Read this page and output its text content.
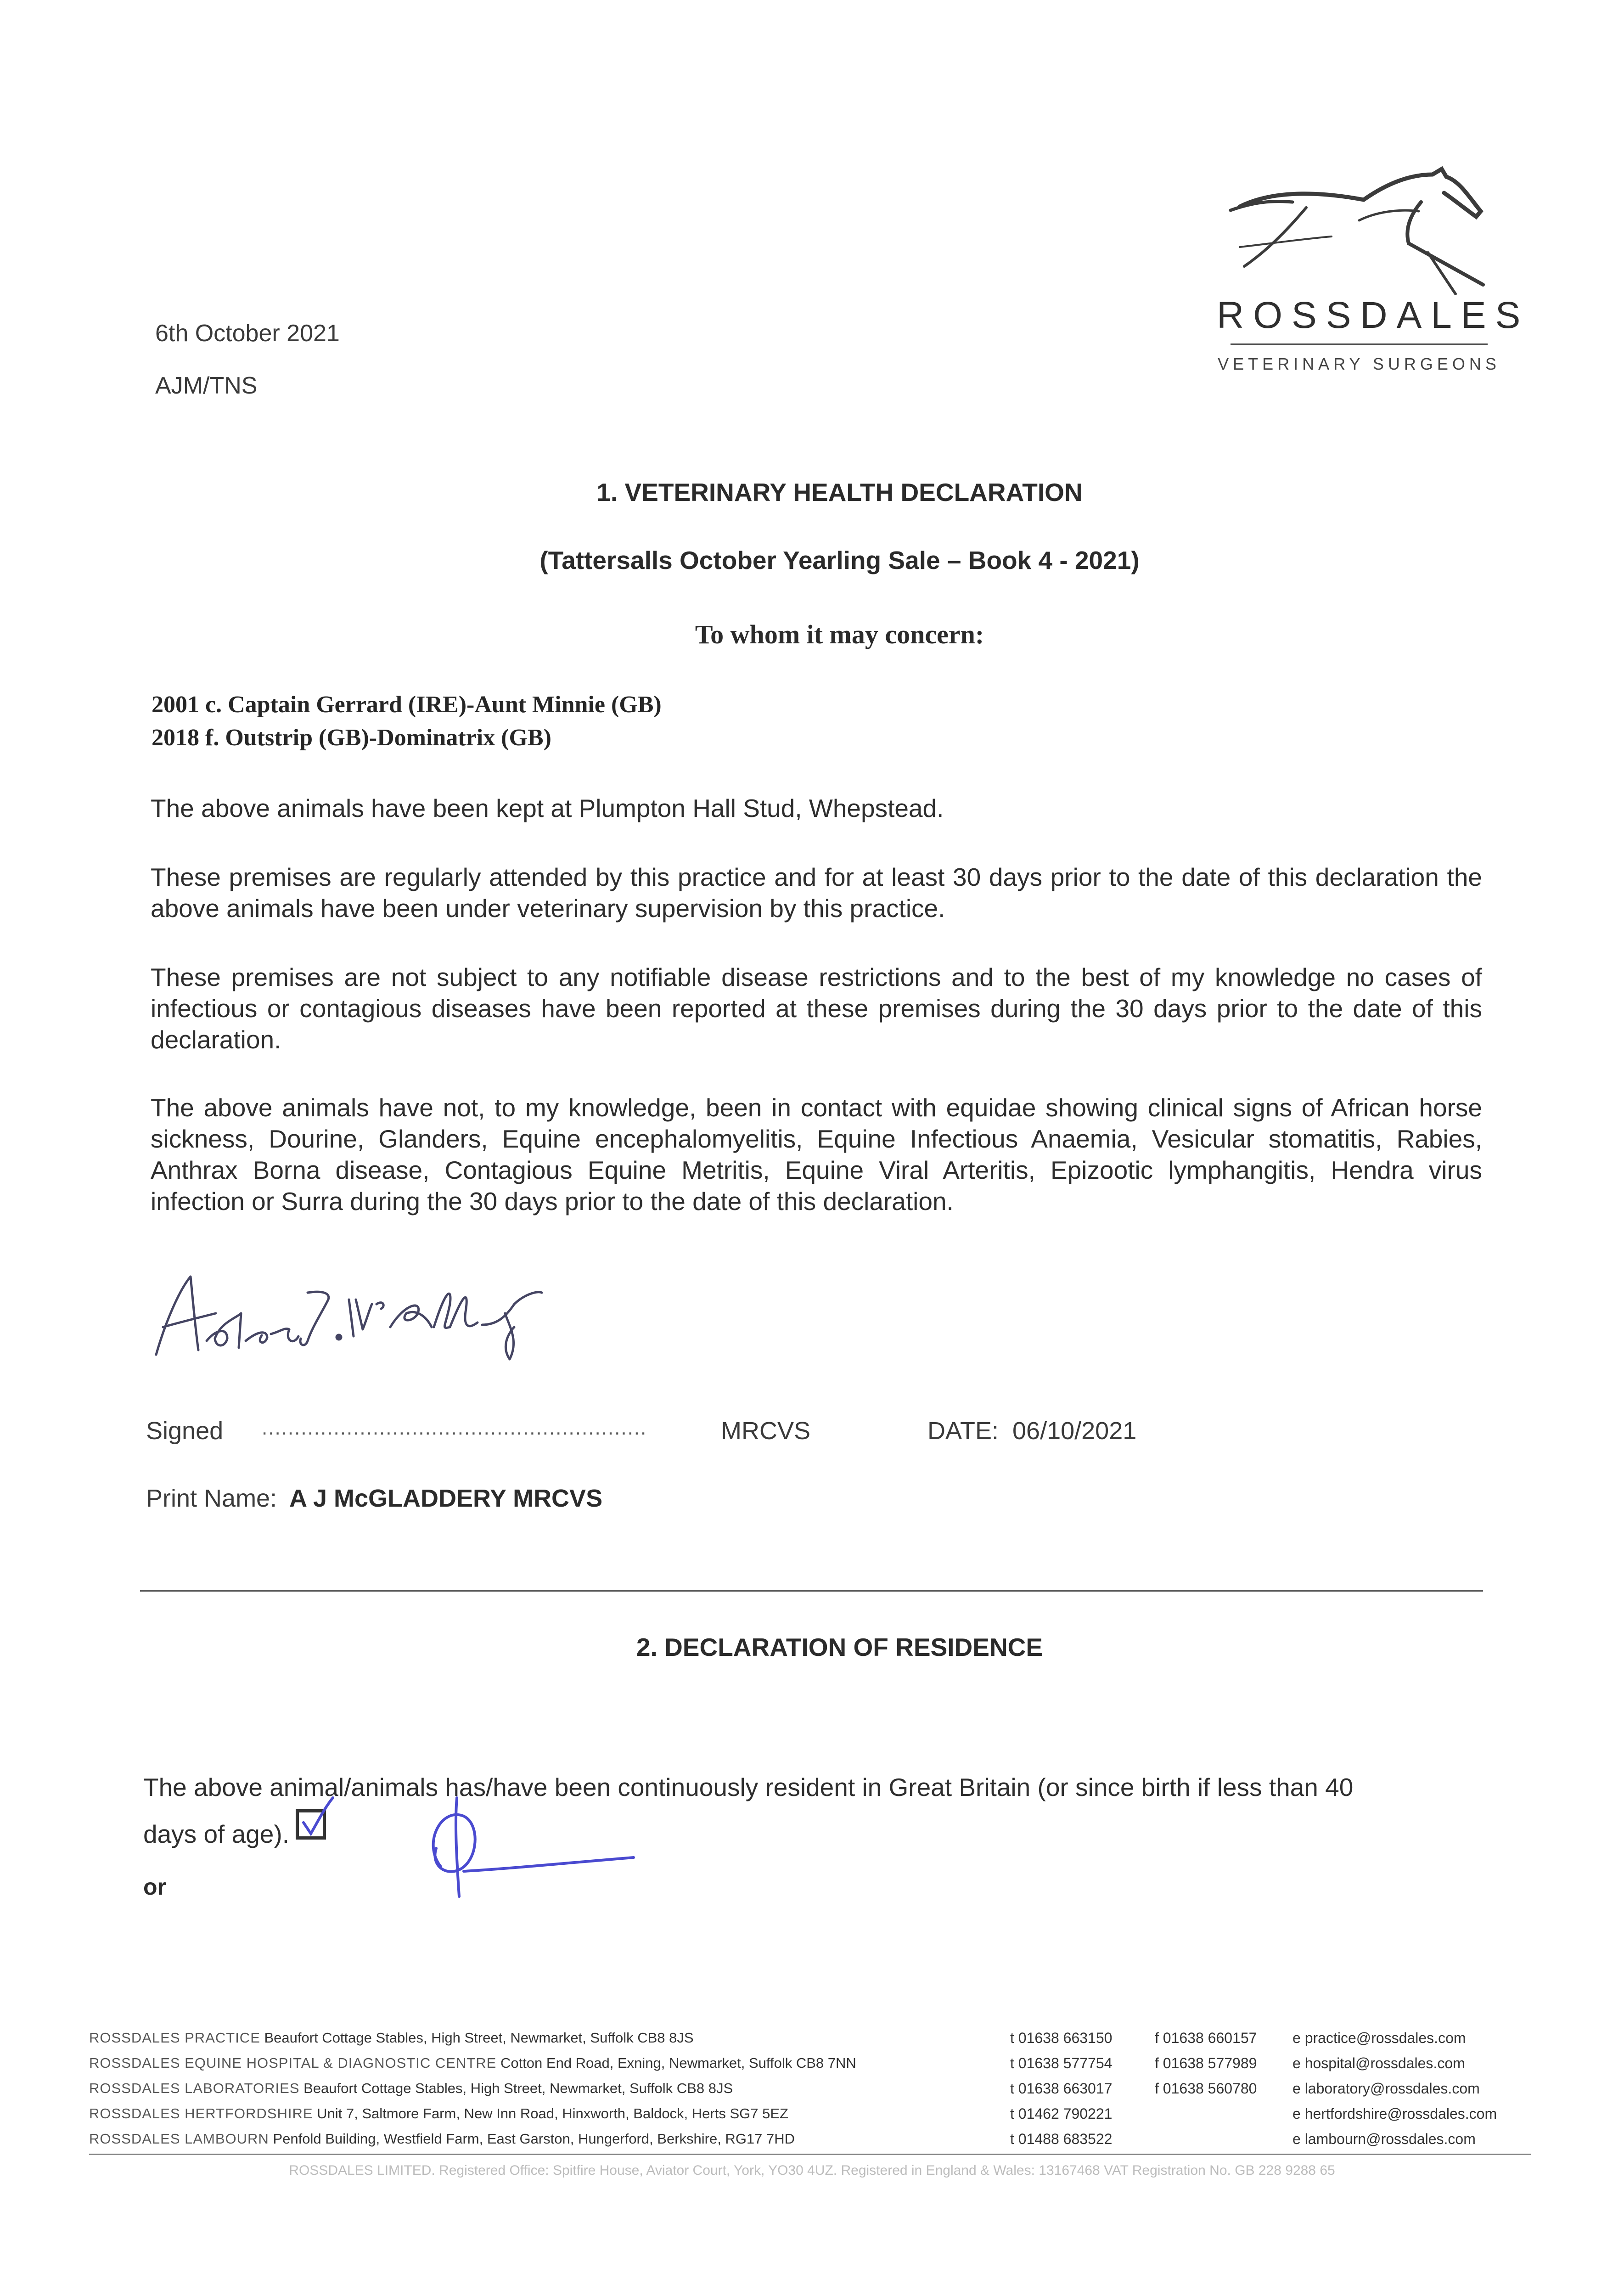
6th October 2021
AJM/TNS
ROSSDALES
VETERINARY SURGEONS
1. VETERINARY HEALTH DECLARATION
(Tattersalls October Yearling Sale – Book 4 - 2021)
To whom it may concern:
2001 c. Captain Gerrard (IRE)-Aunt Minnie (GB)
2018 f. Outstrip (GB)-Dominatrix (GB)
The above animals have been kept at Plumpton Hall Stud, Whepstead.
These premises are regularly attended by this practice and for at least 30 days prior to the date of this declaration the above animals have been under veterinary supervision by this practice.
These premises are not subject to any notifiable disease restrictions and to the best of my knowledge no cases of infectious or contagious diseases have been reported at these premises during the 30 days prior to the date of this declaration.
The above animals have not, to my knowledge, been in contact with equidae showing clinical signs of African horse sickness, Dourine, Glanders, Equine encephalomyelitis, Equine Infectious Anaemia, Vesicular stomatitis, Rabies, Anthrax Borna disease, Contagious Equine Metritis, Equine Viral Arteritis, Epizootic lymphangitis, Hendra virus infection or Surra during the 30 days prior to the date of this declaration.
Signed ...........................................................	MRCVS	DATE: 06/10/2021
Print Name: A J McGLADDERY MRCVS
2. DECLARATION OF RESIDENCE
The above animal/animals has/have been continuously resident in Great Britain (or since birth if less than 40
days of age).
or
ROSSDALES PRACTICE Beaufort Cottage Stables, High Street, Newmarket, Suffolk CB8 8JS
ROSSDALES EQUINE HOSPITAL & DIAGNOSTIC CENTRE Cotton End Road, Exning, Newmarket, Suffolk CB8 7NN
ROSSDALES LABORATORIES Beaufort Cottage Stables, High Street, Newmarket, Suffolk CB8 8JS
ROSSDALES HERTFORDSHIRE Unit 7, Saltmore Farm, New Inn Road, Hinxworth, Baldock, Herts SG7 5EZ
ROSSDALES LAMBOURN Penfold Building, Westfield Farm, East Garston, Hungerford, Berkshire, RG17 7HD
t 01638 663150
t 01638 577754
t 01638 663017
t 01462 790221
t 01488 683522
f 01638 660157
f 01638 577989
f 01638 560780
e practice@rossdales.com
e hospital@rossdales.com
e laboratory@rossdales.com
e hertfordshire@rossdales.com
e lambourn@rossdales.com
ROSSDALES LIMITED. Registered Office: Spitfire House, Aviator Court, York, YO30 4UZ. Registered in England & Wales: 13167468 VAT Registration No. GB 228 9288 65
